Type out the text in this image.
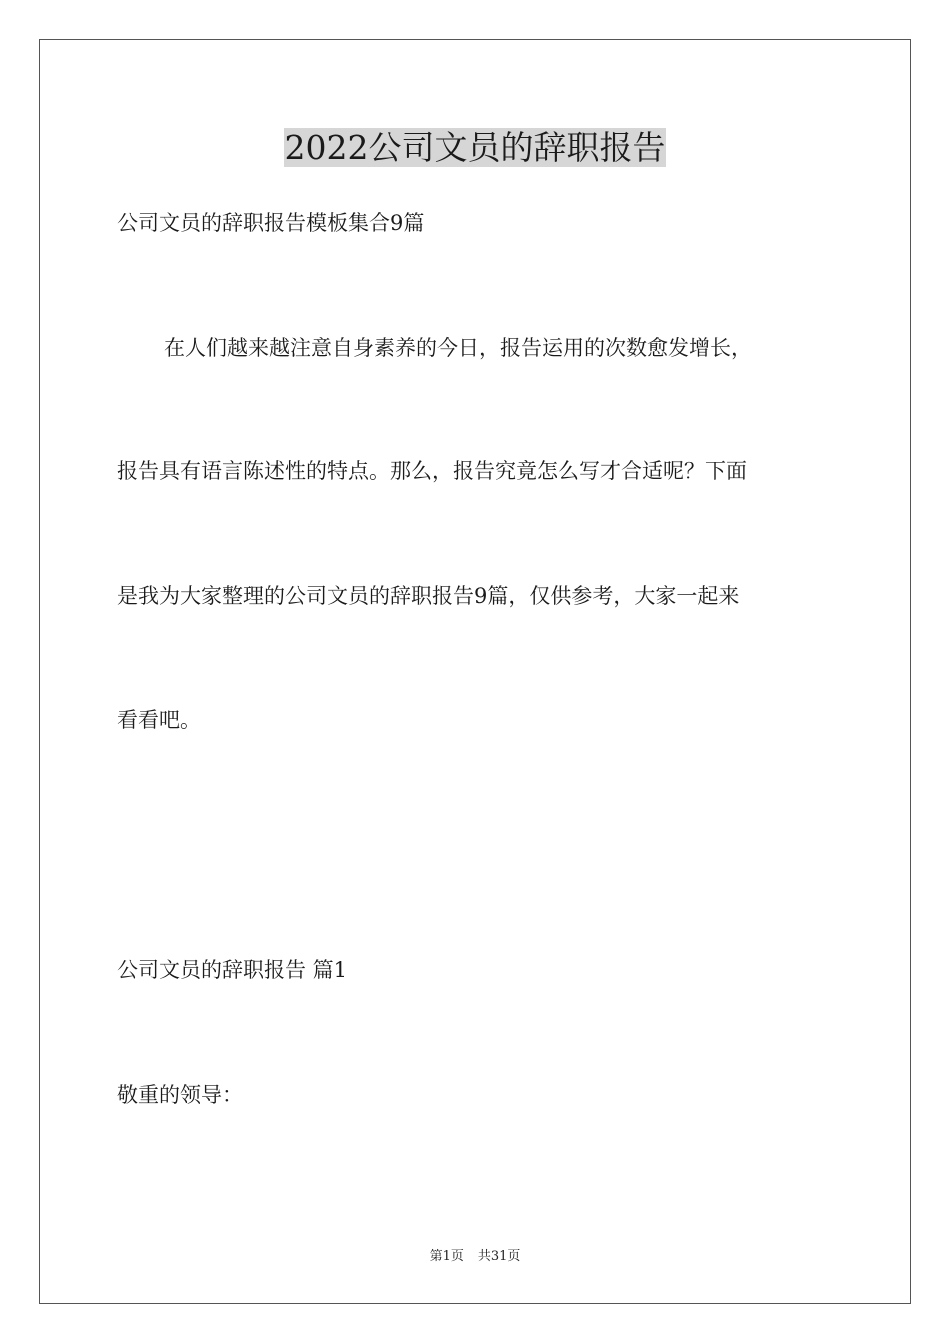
2022公司文员的辞职报告

公司文员的辞职报告模板集合9篇

在人们越来越注意自身素养的今日，报告运用的次数愈发增长，

报告具有语言陈述性的特点。那么，报告究竟怎么写才合适呢？下面

是我为大家整理的公司文员的辞职报告9篇，仅供参考，大家一起来

看看吧。

公司文员的辞职报告 篇1

敬重的领导：

第1页 共31页
